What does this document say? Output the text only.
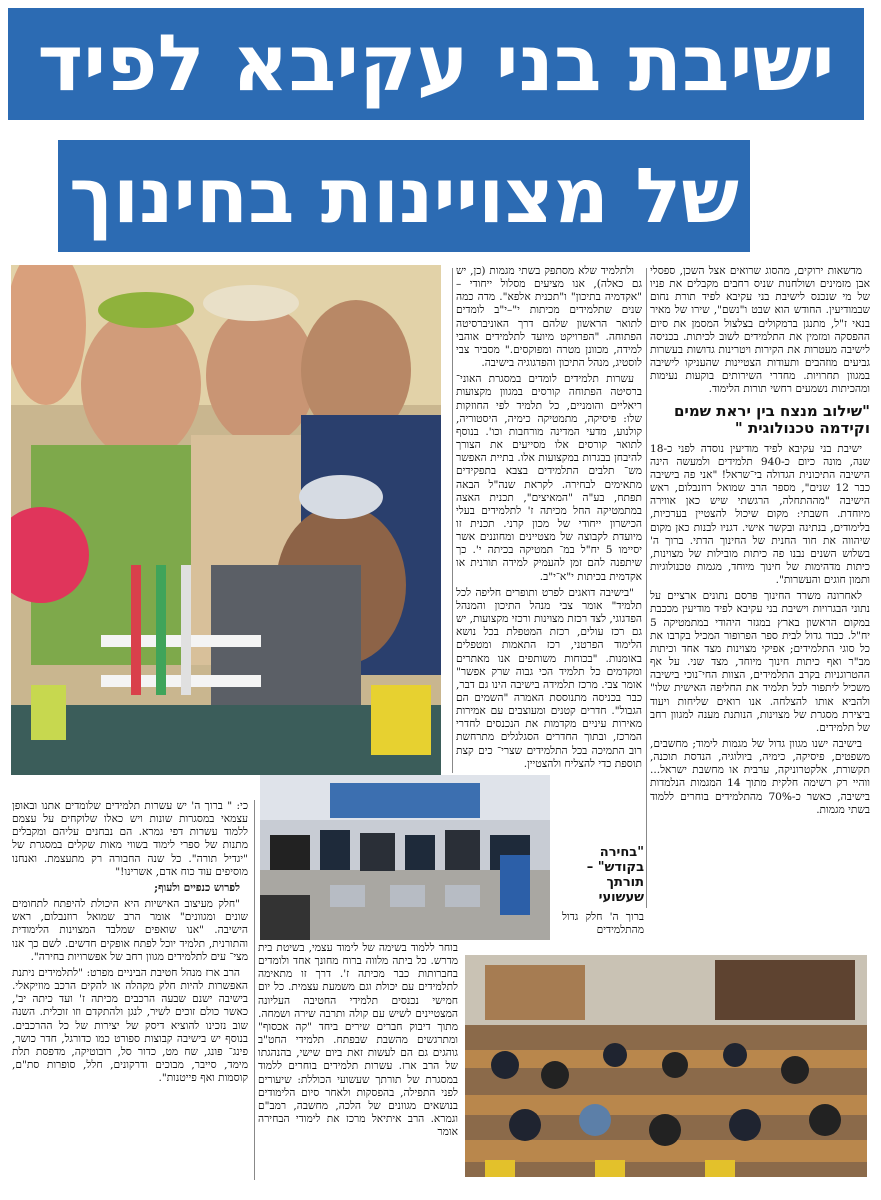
ישיבת בני עקיבא לפיד
של מצויינות בחינוך

מדשאות ירוקים, מהסוג שרואים אצל השכן, ספסלי אבן מזמינים ושולחנות שניס רחבים מקבלים את פניו של מי שנכנס לישיבת בני עקיבא לפיד תורת נחום שבמודיעין. החודש הוא שבט ו"נשם", שירו של מאיר בנאי ז"ל, מתנגן ברמקולים בצלצול המסמן את סיום ההפסקה ומזמין את התלמידים לשוב לכיתות. בכניסה לישיבה מעטרות את הקירות ויטרינות גדושות בעשרות גביעים מוזהבים ותעודות הצטיינות שהעניקו לישיבה במגוון תחרויות. מחדרי השירותים בוקעות נעימות ומהכיתות נשמעים רחשי תורות הלימוד.

"שילוב מנצח בין יראת שמים וקידמה טכנולוגית "

ישיבת בני עקיבא לפיד מודיעין נוסדה לפני כ-18 שנה, מונה כיום כ-940 תלמידים ולמעשה הינה הישיבה התיכונית הגדולה בי־שראל! "אני פה בישיבה כבר 12 שנים", מספר הרב שמואל רוזנבלום, ראש הישיבה "מההתחלה, הרגשתי שיש כאן אווירה מיוחדת. חשבתי: מקום שיכול להצטיין בערכיות, בלימודים, בנתינה ובקשר אישי. דגניו לבנות כאן מקום שיהווה את חוד החנית של החינוך הדתי. ברוך ה' בשלוש השנים נבנו פה כיתות מובילות של מצוינות, כיתות מדהימות של חינוך מיוחד, מגמות טכנולוגיות ותמון חוגים והעשרות".

לאחרונה משרד החינוך פרסם נתונים ארציים על נתוני הבגרויות וישיבת בני עקיבא לפיד מודיעין מככבת במקום הראשון בארץ במגזר היהודי במתמטיקה 5 יח"ל. כבוד גדול לבית ספר הפרופור המכיל בקרבו את כל סוגי התלמידים; אפיקי מצוינות מצד אחד וכיתות מב"ר ואף כיתות חינוך מיוחד, מצד שני. על אף ההטרוגניות בקרב התלמידים, הצוות החי־נוכי בישיבה משכיל ליתפור לכל תלמיד את החליפה האישית שלו" ולהביא אותו להצלחה. אנו רואים שליחות ויעוד ביצירת מסגרת של מצוינות, הנותנת מענה למגוון רחב של תלמידים.

בישיבה ישנו מגוון גדול של מגמות לימוד; מחשבים, משפטים, פיסיקה, כימיה, ביולוגיה, הנדסת תוכנה, תקשורת, אלקטרוניקה, ערבית או מחשבת ישראל... ווהיי רק רשימה חלקית מתוך 14 המגמות הנלמדות בישיבה, כאשר כ-70% מהתלמידים בוחרים ללמוד בשתי מגמות.

ולתלמיד שלא מסתפק בשתי מגמות (כן, יש גם כאלה), אנו מציעים מסלול ייחודי – "אקדמיה בתיכון" ו"תכנית אלפא". מדה כמה שנים שתלמידים מכיתות י"–י"ב לומדים לתואר הראשון שלהם דרך האוניברסיטה הפתוחה. "הפרויקט מיועד לתלמידים אוהבי למידה, מכוונן מטרה ומפוקסים." מסביר צבי לוסטיג, מנהל התיכון והפדגוגיה בישיבה.

עשרות תלמידים לומדים במסגרת האוני־ ברסיטה הפתוחה קורסים במגוון מקצועות ריאליים והומניים, כל תלמיד לפי החוזקות שלו: פיסיקה, מתמטיקה כימיה, היסטוריה, קולנוע, מדעי המדינה מורחבות וכו'. בנוסף לתואר קורסים אלו מסייעים את הצורך להיבחן בבגרות במקצועות אלו. בתיית האפשר מש־ תלבים התלמידים בצבא בתפקידים מתאימים לבחירה. לקראת שנה"ל הבאה תפתח, בע"ה "המאיצים", תכנית האצה במתמטיקה החל מכיתה ז' לתלמידים בעלי הכישרון ייחודי של מכון קרני. תכנית זו מיועדת לקבוצה של מצטיינים ומחוננים אשר יסיימו 5 יח"ל במ־ תמטיקה בכיתה י'. כך שיתפנה להם זמן להעמיק למידה תורנית או אקדמית בכיתות י"א־י"ב.

"בישיבה דואגים לפרט ותופרים חליפה לכל תלמיד" אומר צבי מנהל התיכון והמנהל הפדגוגי, לצד רכזת מצוינות ורכזי מקצועות, יש גם רכז עולים, רכזת המטפלת בכל נושא הלימוד הפרטני, רכז התאמות ומטפלים באומנות. "בכוחות משותפים אנו מאתרים ומקדמים כל תלמיד הכי גבוה שרק אפשר" אומר צבי. מרכז תלמידה בישיבה הינו גם דבר, כבר בכניסה מתנוססת האמרה "השמים הם הגבול". חדרים קטנים ומעוצבים עם אמירות מאירות עיניים מקדמות את הנכנסים לחדרי המרכז, ובתוך החדרים הסגלגלים מתרחשת רוב התמיכה בכל התלמידים שצרי־ כים קצת תוספת כדי להצליח ולהצטיין.

"בחירה בקודש" – תורתך שעשועי

ברוך ה' חלק גדול מהתלמידים

בוחר ללמוד בשימה של לימוד עצמי, בשיטת בית מדרש. כל ביתה מלווה ברוח מחונך אחד ולומדים בחברותות כבר מכיתה ז'. דרך זו מתאימה לתלמידים עם יכולת וגם משמעת עצמית. כל יום חמישי נכנסים תלמידי החטיבה העליונה המצטיינים לשיש עם קולה ותרבה שירה ושמחה. מתוך דיבוק חברים שירים ביחד "קה אכסוף" ומתרגשים מהשבת שבפתח. תלמידי החט"ב גוהגים גם הם לעשות זאת ביום שישי, בהנהגתו של הרב ארז. עשרות תלמידים בוחרים ללמוד במסגרת של תורתך שעשועי הכוללת: שיעורים לפני התפילה, בהפסקות ולאחר סיום הלימודים בנושאים מגוונים של הלכה, מחשבה, רמב"ם וגמרא. הרב איתיאל מרכז את לימודי הבחירה אומר

כי: " ברוך ה' יש עשרות תלמידים שלומדים אתנו ובאופן עצמאי במסגרות שונות ויש כאלו שלוקחים על עצמם ללמוד עשרות דפי גמרא. הם נבחנים עליהם ומקבלים מתנות של ספרי לימוד בשווי מאות שקלים במסגרת של "יגדיל תורה". כל שנה החבורה רק מתעצמת. ואנחנו מוסיפים עוד כוח אדם, אשרינו!"

לפרוש כנפיים ולעוף;

"חלק מעיצוב האישיות היא היכולת להיפתח לתחומים שונים ומגוונים" אומר הרב שמואל רוזנבלום, ראש הישיבה. "אנו שואפים שמלבד המצוינות הלימודית והתורנית, תלמיד יוכל לפתח אופקים חדשים. לשם כך אנו מצי־ עים לתלמידים מגוון רחב של אפשרויות בחירה".

הרב ארז מנהל חטיבת הביניים מפרט: "לתלמידים ניתנת האפשרות להיות חלק מקהלה או להקים הרכב מוזיקאלי. בישיבה ישנם שבעה הרכבים מכיתה ז' ועד כיתה יב', כאשר כולם זוכים לשיר, לנגן ולהתקדם וזו זוכלית. השנה שוב נזכינו להוציא דיסק של יצירות של כל ההרכבים. בנוסף יש בישיבה קבוצות ספורט כמו כדורגל, חדר כושר, פינג־ פונג, שח מט, כדור סל, רובוטיקה, מדפסת תלת מימד, סייבר, מבוכים ודרקונים, חלל, סופרות סת"ם, קוסמות ואף פייטנות".
